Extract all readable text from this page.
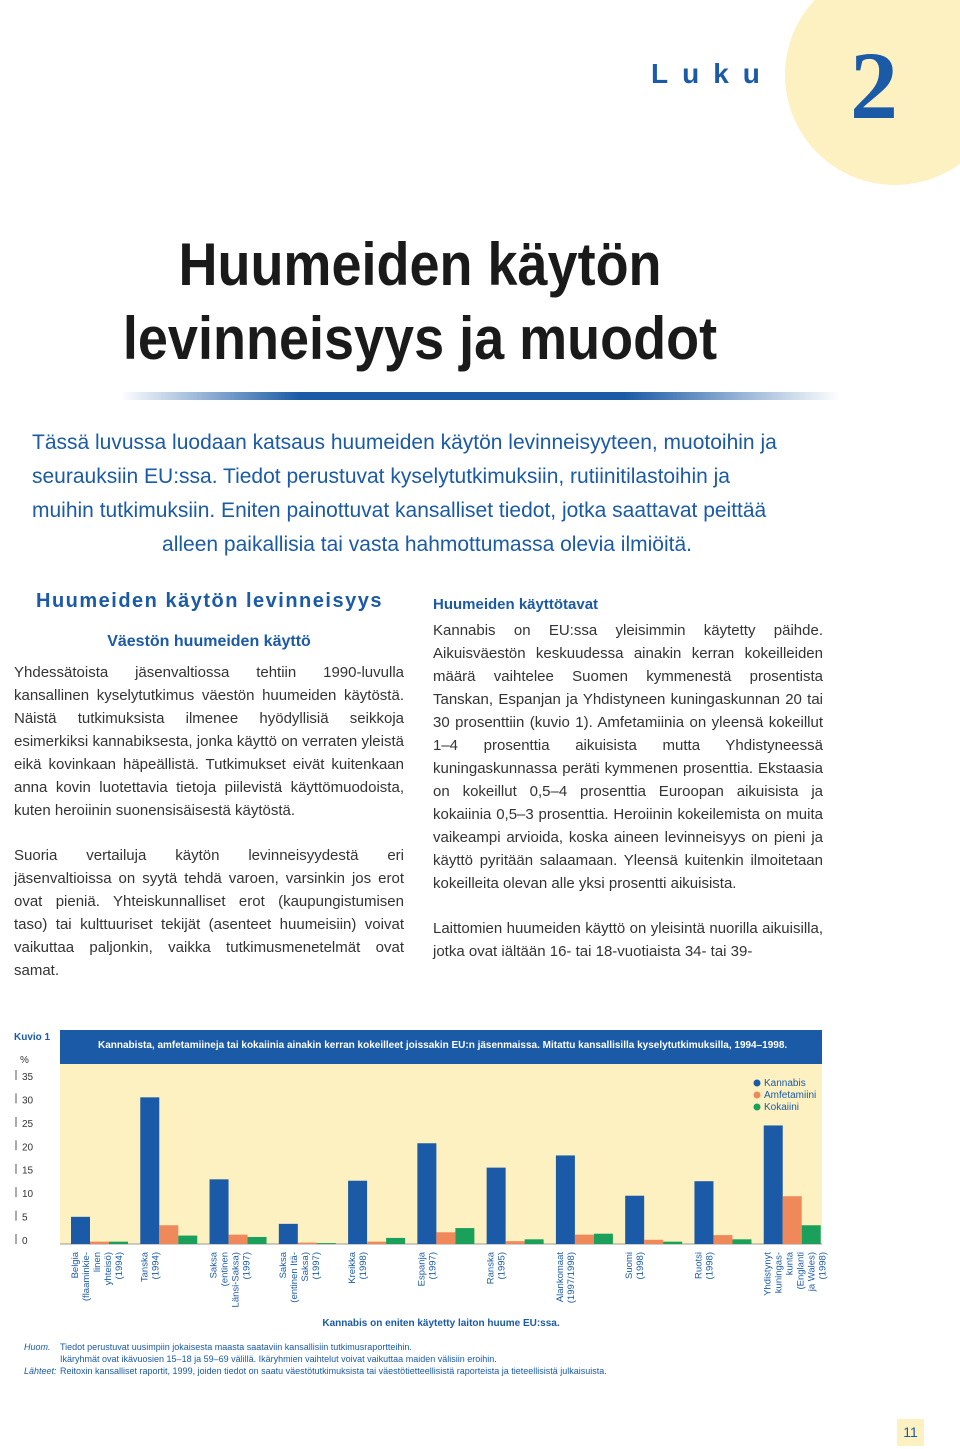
Luku 2
Huumeiden käytön
levinneisyys ja muodot
Tässä luvussa luodaan katsaus huumeiden käytön levinneisyyteen, muotoihin ja
seurauksiin EU:ssa. Tiedot perustuvat kyselytutkimuksiin, rutiinitilastoihin ja
muihin tutkimuksiin. Eniten painottuvat kansalliset tiedot, jotka saattavat peittää
alleen paikallisia tai vasta hahmottumassa olevia ilmiöitä.
Huumeiden käytön levinneisyys
Väestön huumeiden käyttö

Yhdessätoista jäsenvaltiossa tehtiin 1990-luvulla kansallinen kyselytutkimus väestön huumeiden käytöstä. Näistä tutkimuksista ilmenee hyödyllisiä seikkoja esimerkiksi kannabiksesta, jonka käyttö on verraten yleistä eikä kovinkaan häpeällistä. Tutkimukset eivät kuitenkaan anna kovin luotettavia tietoja piilevistä käyttömuodoista, kuten heroiinin suonensisäisestä käytöstä.

Suoria vertailuja käytön levinneisyydestä eri jäsenvaltioissa on syytä tehdä varoen, varsinkin jos erot ovat pieniä. Yhteiskunnalliset erot (kaupungistumisen taso) tai kulttuuriset tekijät (asenteet huumeisiin) voivat vaikuttaa paljonkin, vaikka tutkimusmenetelmät ovat samat.

Huumeiden käyttötavat

Kannabis on EU:ssa yleisimmin käytetty päihde. Aikuisväestön keskuudessa ainakin kerran kokeilleiden määrä vaihtelee Suomen kymmenestä prosentista Tanskan, Espanjan ja Yhdistyneen kuningaskunnan 20 tai 30 prosenttiin (kuvio 1). Amfetamiinia on yleensä kokeillut 1–4 prosenttia aikuisista mutta Yhdistyneessä kuningaskunnassa peräti kymmenen prosenttia. Ekstaasia on kokeillut 0,5–4 prosenttia Euroopan aikuisista ja kokaiinia 0,5–3 prosenttia. Heroiinin kokeilemista on muita vaikeampi arvioida, koska aineen levinneisyys on pieni ja käyttö pyritään salaamaan. Yleensä kuitenkin ilmoitetaan kokeilleita olevan alle yksi prosentti aikuisista.

Laittomien huumeiden käyttö on yleisintä nuorilla aikuisilla, jotka ovat iältään 16- tai 18-vuotiaista 34- tai 39-

Kuvio 1
%
Kannabista, amfetamiineja tai kokaiinia ainakin kerran kokeilleet joissakin EU:n jäsenmaissa. Mitattu kansallisilla kyselytutkimuksilla, 1994–1998.
35
30
25
20
15
10
5
0
Belgia (flaaminkie- linen yhteisö) (1994) Tanska (1994)	Saksa (entinen Länsi-Saksa) (1997)	Saksa (entinen Itä- Saksa) (1997)	Kreikka (1998)	Espanja (1997)	Ranska (1995)	Alankomaat (1997/1998)	Suomi (1998)	Ruotsi (1998)	Yhdistynyt kuningas- kunta (Englanti ja Wales) (1998)
Kannabis
Amfetamiini
Kokaiini
Kannabis on eniten käytetty laiton huume EU:ssa.
Huom. Tiedot perustuvat uusimpiin jokaisesta maasta saataviin kansallisiin tutkimusraportteihin.
Ikäryhmät ovat ikävuosien 15–18 ja 59–69 välillä. Ikäryhmien vaihtelut voivat vaikuttaa maiden välisiin eroihin.
Lähteet: Reitoxin kansalliset raportit, 1999, joiden tiedot on saatu väestötutkimuksista tai väestötietteellisistä raporteista ja tieteellisistä julkaisuista.
11
